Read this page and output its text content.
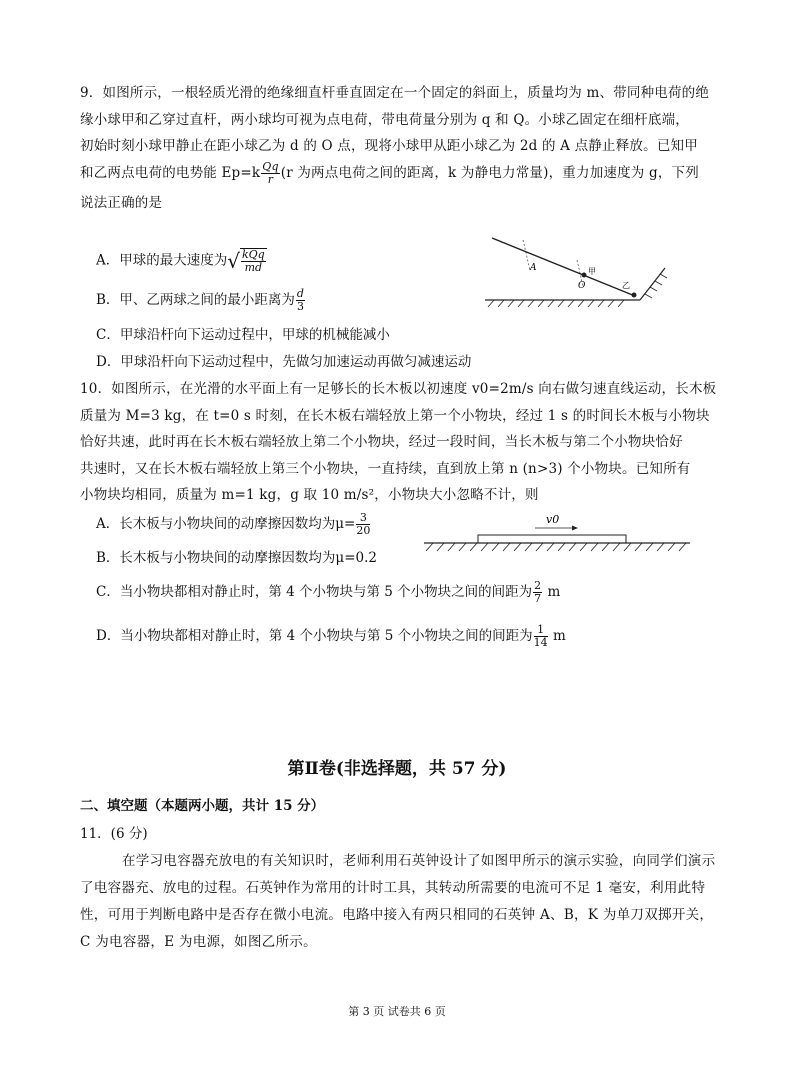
9．如图所示，一根轻质光滑的绝缘细直杆垂直固定在一个固定的斜面上，质量均为 m、带同种电荷的绝

缘小球甲和乙穿过直杆，两小球均可视为点电荷，带电荷量分别为 q 和 Q。小球乙固定在细杆底端，

初始时刻小球甲静止在距小球乙为 d 的 O 点，现将小球甲从距小球乙为 2d 的 A 点静止释放。已知甲

和乙两点电荷的电势能 $Ep=k \frac{Qq}{r} (r$ 为两点电荷之间的距离，k 为静电力常量)，重力加速度为 g，下列

说法正确的是

A．甲球的最大速度为√ $\frac{\text{kQq}}{md}$
B．甲、乙两球之间的最小距离为 $\frac{d}{3}$
C．甲球沿杆向下运动过程中，甲球的机械能减小
D．甲球沿杆向下运动过程中，先做匀加速运动再做匀减速运动
A
O
甲
乙

10．如图所示，在光滑的水平面上有一足够长的长木板以初速度 v0=2m/s 向右做匀速直线运动，长木板

质量为 M=3 kg，在 t=0 s 时刻，在长木板右端轻放上第一个小物块，经过 1 s 的时间长木板与小物块

恰好共速，此时再在长木板右端轻放上第二个小物块，经过一段时间，当长木板与第二个小物块恰好

共速时，又在长木板右端轻放上第三个小物块，一直持续，直到放上第 n (n>3) 个小物块。已知所有

小物块均相同，质量为 m=1 kg，g 取 10 m/s²，小物块大小忽略不计，则

A．长木板与小物块间的动摩擦因数均为$\mu= \frac{3}{20}$
B．长木板与小物块间的动摩擦因数均为μ=0.2
C．当小物块都相对静止时，第 4 个小物块与第 5 个小物块之间的间距为 $\frac{2}{7}$ m
D．当小物块都相对静止时，第 4 个小物块与第 5 个小物块之间的间距为 $\frac{1}{14}$ m
v0
第Ⅱ卷(非选择题，共 57 分)
二、填空题（本题两小题，共计 15 分）
11．(6 分)
在学习电容器充放电的有关知识时，老师利用石英钟设计了如图甲所示的演示实验，向同学们演示了电容器充、放电的过程。石英钟作为常用的计时工具，其转动所需要的电流可不足 1 毫安，利用此特性，可用于判断电路中是否存在微小电流。电路中接入有两只相同的石英钟 A、B，K 为单刀双掷开关，C 为电容器，E 为电源，如图乙所示。
第 3 页 试卷共 6 页
